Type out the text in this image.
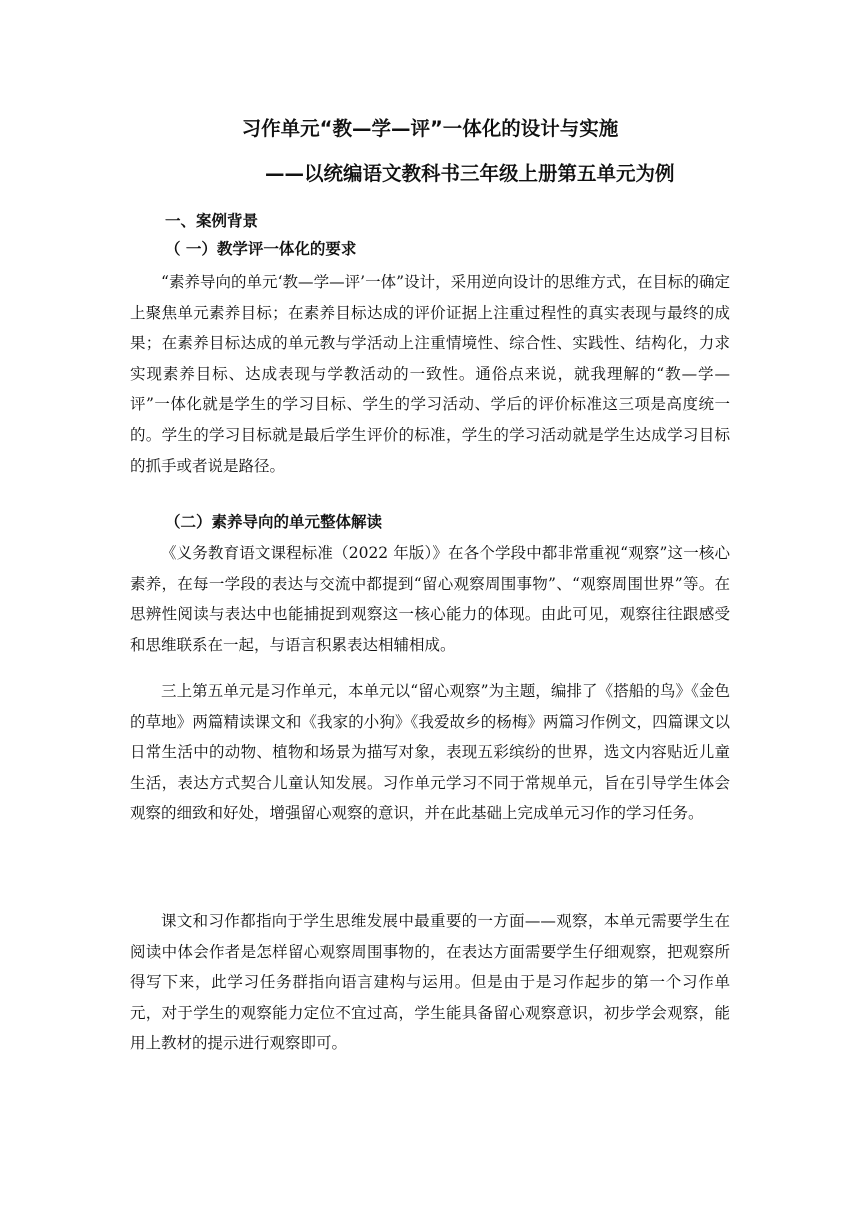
习作单元“教—学—评”一体化的设计与实施
——以统编语文教科书三年级上册第五单元为例
一、案例背景
（ 一）教学评一体化的要求
“素养导向的单元‘教—学—评’一体”设计，采用逆向设计的思维方式，在目标的确定上聚焦单元素养目标；在素养目标达成的评价证据上注重过程性的真实表现与最终的成果；在素养目标达成的单元教与学活动上注重情境性、综合性、实践性、结构化，力求实现素养目标、达成表现与学教活动的一致性。通俗点来说，就我理解的“教—学—评”一体化就是学生的学习目标、学生的学习活动、学后的评价标准这三项是高度统一的。学生的学习目标就是最后学生评价的标准，学生的学习活动就是学生达成学习目标的抓手或者说是路径。
（二）素养导向的单元整体解读
《义务教育语文课程标准（2022 年版）》在各个学段中都非常重视“观察”这一核心素养，在每一学段的表达与交流中都提到“留心观察周围事物”、“观察周围世界”等。在思辨性阅读与表达中也能捕捉到观察这一核心能力的体现。由此可见，观察往往跟感受和思维联系在一起，与语言积累表达相辅相成。
三上第五单元是习作单元，本单元以“留心观察”为主题，编排了《搭船的鸟》《金色的草地》两篇精读课文和《我家的小狗》《我爱故乡的杨梅》两篇习作例文，四篇课文以日常生活中的动物、植物和场景为描写对象，表现五彩缤纷的世界，选文内容贴近儿童生活，表达方式契合儿童认知发展。习作单元学习不同于常规单元，旨在引导学生体会观察的细致和好处，增强留心观察的意识，并在此基础上完成单元习作的学习任务。
课文和习作都指向于学生思维发展中最重要的一方面——观察，本单元需要学生在阅读中体会作者是怎样留心观察周围事物的，在表达方面需要学生仔细观察，把观察所得写下来，此学习任务群指向语言建构与运用。但是由于是习作起步的第一个习作单元，对于学生的观察能力定位不宜过高，学生能具备留心观察意识，初步学会观察，能用上教材的提示进行观察即可。
